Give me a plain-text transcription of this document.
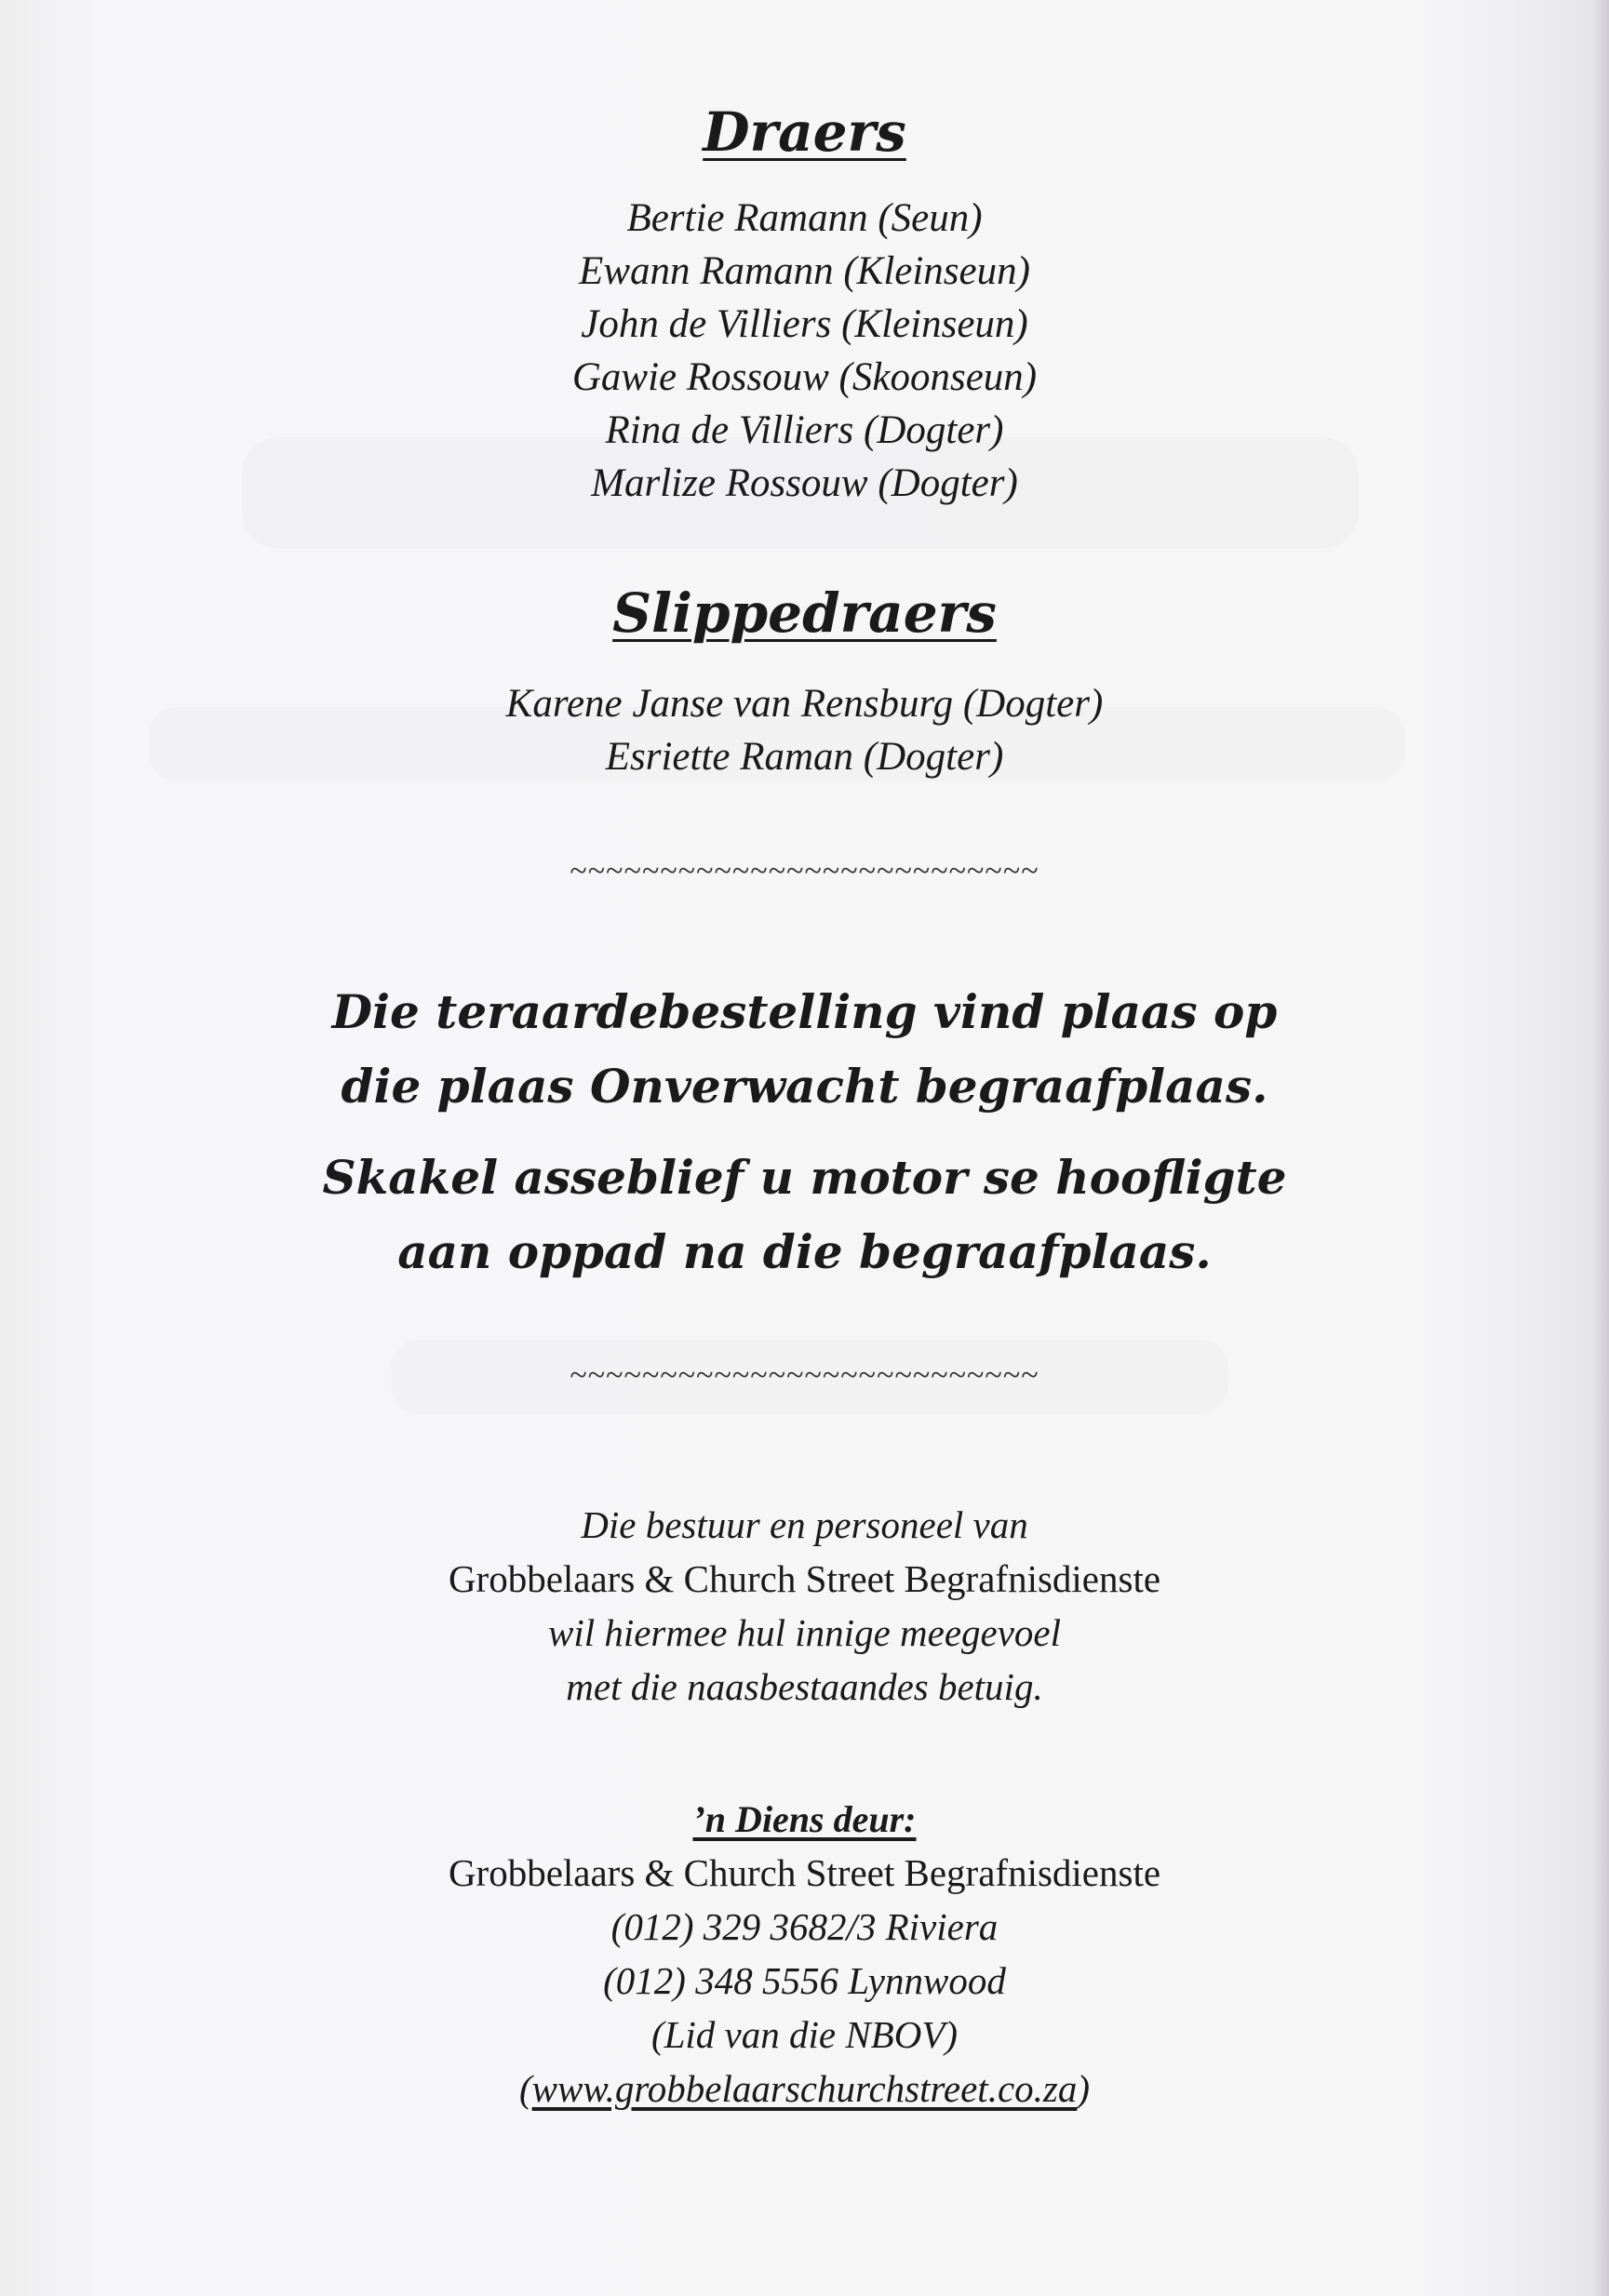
Draers
Bertie Ramann (Seun)
Ewann Ramann (Kleinseun)
John de Villiers (Kleinseun)
Gawie Rossouw (Skoonseun)
Rina de Villiers (Dogter)
Marlize Rossouw (Dogter)
Slippedraers
Karene Janse van Rensburg (Dogter)
Esriette Raman (Dogter)
~~~~~~~~~~~~~~~~~~~~~~~~~~
Die teraardebestelling vind plaas op
die plaas Onverwacht begraafplaas.
Skakel asseblief u motor se hoofligte
aan oppad na die begraafplaas.
~~~~~~~~~~~~~~~~~~~~~~~~~~
Die bestuur en personeel van
Grobbelaars & Church Street Begrafnisdienste
wil hiermee hul innige meegevoel
met die naasbestaandes betuig.
’n Diens deur:
Grobbelaars & Church Street Begrafnisdienste
(012) 329 3682/3 Riviera
(012) 348 5556 Lynnwood
(Lid van die NBOV)
(www.grobbelaarschurchstreet.co.za)
